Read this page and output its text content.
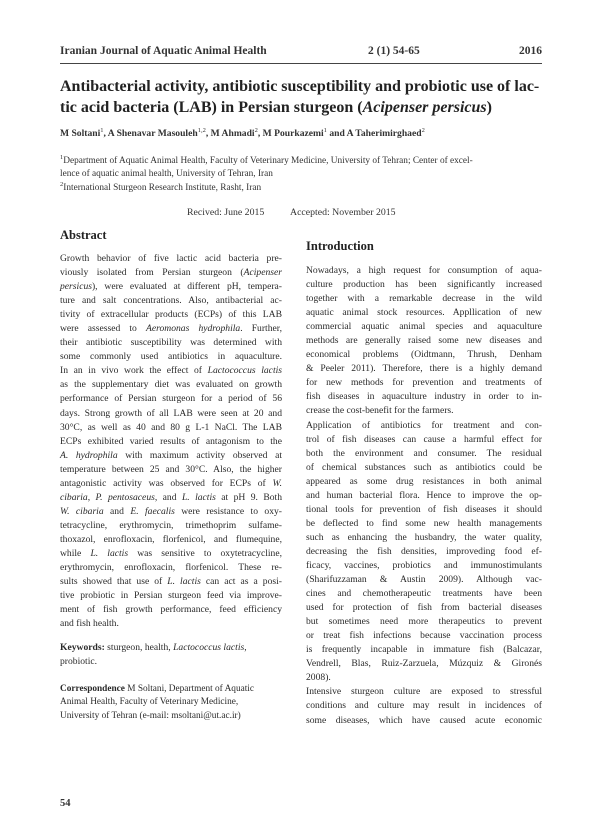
Iranian Journal of Aquatic Animal Health	2 (1) 54-65	2016
Antibacterial activity, antibiotic susceptibility and probiotic use of lac-
tic acid bacteria (LAB) in Persian sturgeon (Acipenser persicus)
M Soltani$^1$, A Shenavar Masouleh$^{1,2}$, M Ahmadi$^2$, M Pourkazemi$^1$ and A Taherimirghaed$^2$
$^1$Department of Aquatic Animal Health, Faculty of Veterinary Medicine, University of Tehran; Center of excel-
lence of aquatic animal health, University of Tehran, Iran
$^2$International Sturgeon Research Institute, Rasht, Iran
Recived: June 2015	Accepted: November 2015
Abstract
Growth behavior of five lactic acid bacteria pre-
viously isolated from Persian sturgeon (Acipenser
persicus), were evaluated at different pH, tempera-
ture and salt concentrations. Also, antibacterial ac-
tivity of extracellular products (ECPs) of this LAB
were assessed to Aeromonas hydrophila. Further,
their antibiotic susceptibility was determined with
some commonly used antibiotics in aquaculture.
In an in vivo work the effect of Lactococcus lactis
as the supplementary diet was evaluated on growth
performance of Persian sturgeon for a period of 56
days. Strong growth of all LAB were seen at 20 and
30°C, as well as 40 and 80 g L-1 NaCl. The LAB
ECPs exhibited varied results of antagonism to the
A. hydrophila with maximum activity observed at
temperature between 25 and 30°C. Also, the higher
antagonistic activity was observed for ECPs of W.
cibaria, P. pentosaceus, and L. lactis at pH 9. Both
W. cibaria and E. faecalis were resistance to oxy-
tetracycline, erythromycin, trimethoprim sulfame-
thoxazol, enrofloxacin, florfenicol, and flumequine,
while L. lactis was sensitive to oxytetracycline,
erythromycin, enrofloxacin, florfenicol. These re-
sults showed that use of L. lactis can act as a posi-
tive probiotic in Persian sturgeon feed via improve-
ment of fish growth performance, feed efficiency
and fish health.
Keywords: sturgeon, health, Lactococcus lactis,
probiotic.
Correspondence M Soltani, Department of Aquatic
Animal Health, Faculty of Veterinary Medicine,
University of Tehran (e-mail: msoltani@ut.ac.ir)
Introduction
Nowadays, a high request for consumption of aqua-
culture production has been significantly increased
together with a remarkable decrease in the wild
aquatic animal stock resources. Appllication of new
commercial aquatic animal species and aquaculture
methods are generally raised some new diseases and
economical problems (Oidtmann, Thrush, Denham
& Peeler 2011). Therefore, there is a highly demand
for new methods for prevention and treatments of
fish diseases in aquaculture industry in order to in-
crease the cost-benefit for the farmers.
Application of antibiotics for treatment and con-
trol of fish diseases can cause a harmful effect for
both the environment and consumer. The residual
of chemical substances such as antibiotics could be
appeared as some drug resistances in both animal
and human bacterial flora. Hence to improve the op-
tional tools for prevention of fish diseases it should
be deflected to find some new health managements
such as enhancing the husbandry, the water quality,
decreasing the fish densities, improveding food ef-
ficacy, vaccines, probiotics and immunostimulants
(Sharifuzzaman & Austin 2009). Although vac-
cines and chemotherapeutic treatments have been
used for protection of fish from bacterial diseases
but sometimes need more therapeutics to prevent
or treat fish infections because vaccination process
is frequently incapable in immature fish (Balcazar,
Vendrell, Blas, Ruiz-Zarzuela, Múzquiz & Gironés
2008).
Intensive sturgeon culture are exposed to stressful
conditions and culture may result in incidences of
some diseases, which have caused acute economic
54
